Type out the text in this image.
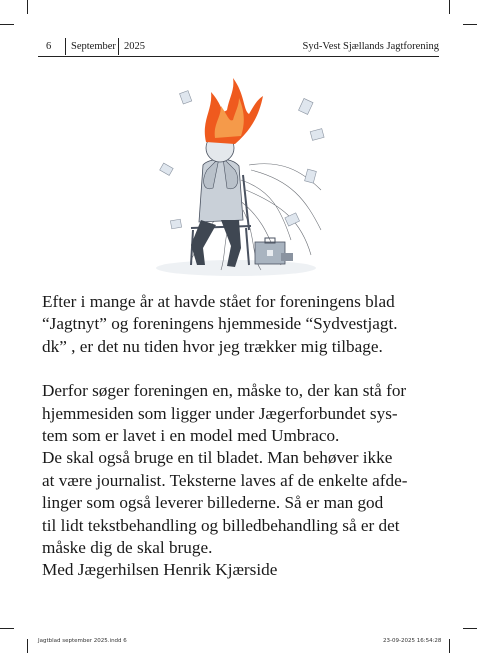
6 September 2025	Syd-Vest Sjællands Jagtforening

Efter i mange år at havde stået for foreningens blad

“Jagtnyt” og foreningens hjemmeside “Sydvestjagt.

dk” , er det nu tiden hvor jeg trækker mig tilbage.

Derfor søger foreningen en, måske to, der kan stå for

hjemmesiden som ligger under Jægerforbundet sys-

tem som er lavet i en model med Umbraco.

De skal også bruge en til bladet. Man behøver ikke

at være journalist. Teksterne laves af de enkelte afde-

linger som også leverer billederne. Så er man god

til lidt tekstbehandling og billedbehandling så er det

måske dig de skal bruge.

Med Jægerhilsen Henrik Kjærside

Jagtblad september 2025.indd 6	23-09-2025 16:54:28
